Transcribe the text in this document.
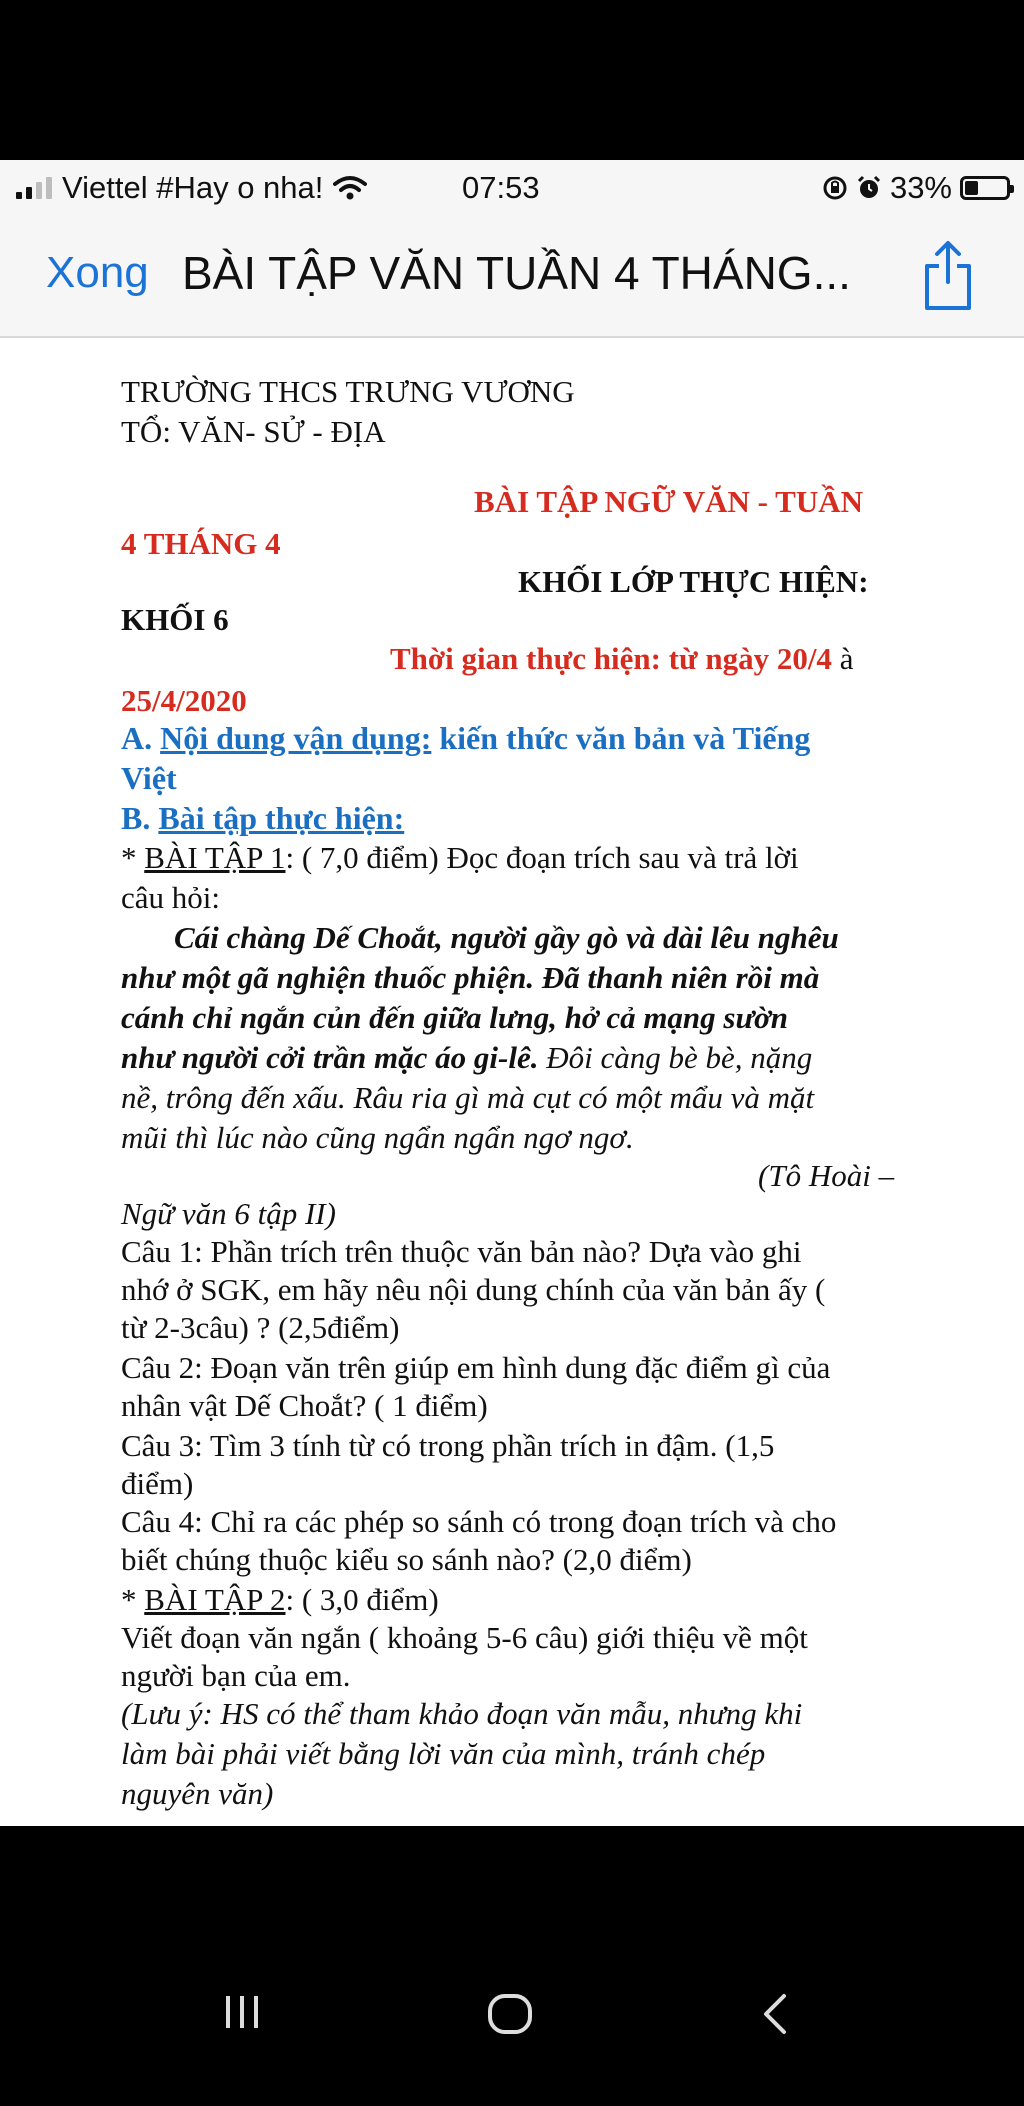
Viettel #Hay o nha!	07:53	33%
Xong BÀI TẬP VĂN TUẦN 4 THÁNG...
TRƯỜNG THCS TRƯNG VƯƠNG
TỔ: VĂN- SỬ - ĐỊA
BÀI TẬP NGỮ VĂN - TUẦN
4 THÁNG 4
KHỐI LỚP THỰC HIỆN:
KHỐI 6
Thời gian thực hiện: từ ngày 20/4 à
25/4/2020
A. Nội dung vận dụng: kiến thức văn bản và Tiếng
Việt
B. Bài tập thực hiện:
* BÀI TẬP 1: ( 7,0 điểm) Đọc đoạn trích sau và trả lời
câu hỏi:
Cái chàng Dế Choắt, người gầy gò và dài lêu nghêu
như một gã nghiện thuốc phiện. Đã thanh niên rồi mà
cánh chỉ ngắn củn đến giữa lưng, hở cả mạng sườn
như người cởi trần mặc áo gi-lê. Đôi càng bè bè, nặng
nề, trông đến xấu. Râu ria gì mà cụt có một mẩu và mặt
mũi thì lúc nào cũng ngẩn ngẩn ngơ ngơ.
(Tô Hoài –
Ngữ văn 6 tập II)
Câu 1: Phần trích trên thuộc văn bản nào? Dựa vào ghi
nhớ ở SGK, em hãy nêu nội dung chính của văn bản ấy (
từ 2-3câu) ? (2,5điểm)
Câu 2: Đoạn văn trên giúp em hình dung đặc điểm gì của
nhân vật Dế Choắt? ( 1 điểm)
Câu 3: Tìm 3 tính từ có trong phần trích in đậm. (1,5
điểm)
Câu 4: Chỉ ra các phép so sánh có trong đoạn trích và cho
biết chúng thuộc kiểu so sánh nào? (2,0 điểm)
* BÀI TẬP 2: ( 3,0 điểm)
Viết đoạn văn ngắn ( khoảng 5-6 câu) giới thiệu về một
người bạn của em.
(Lưu ý: HS có thể tham khảo đoạn văn mẫu, nhưng khi
làm bài phải viết bằng lời văn của mình, tránh chép
nguyên văn)
